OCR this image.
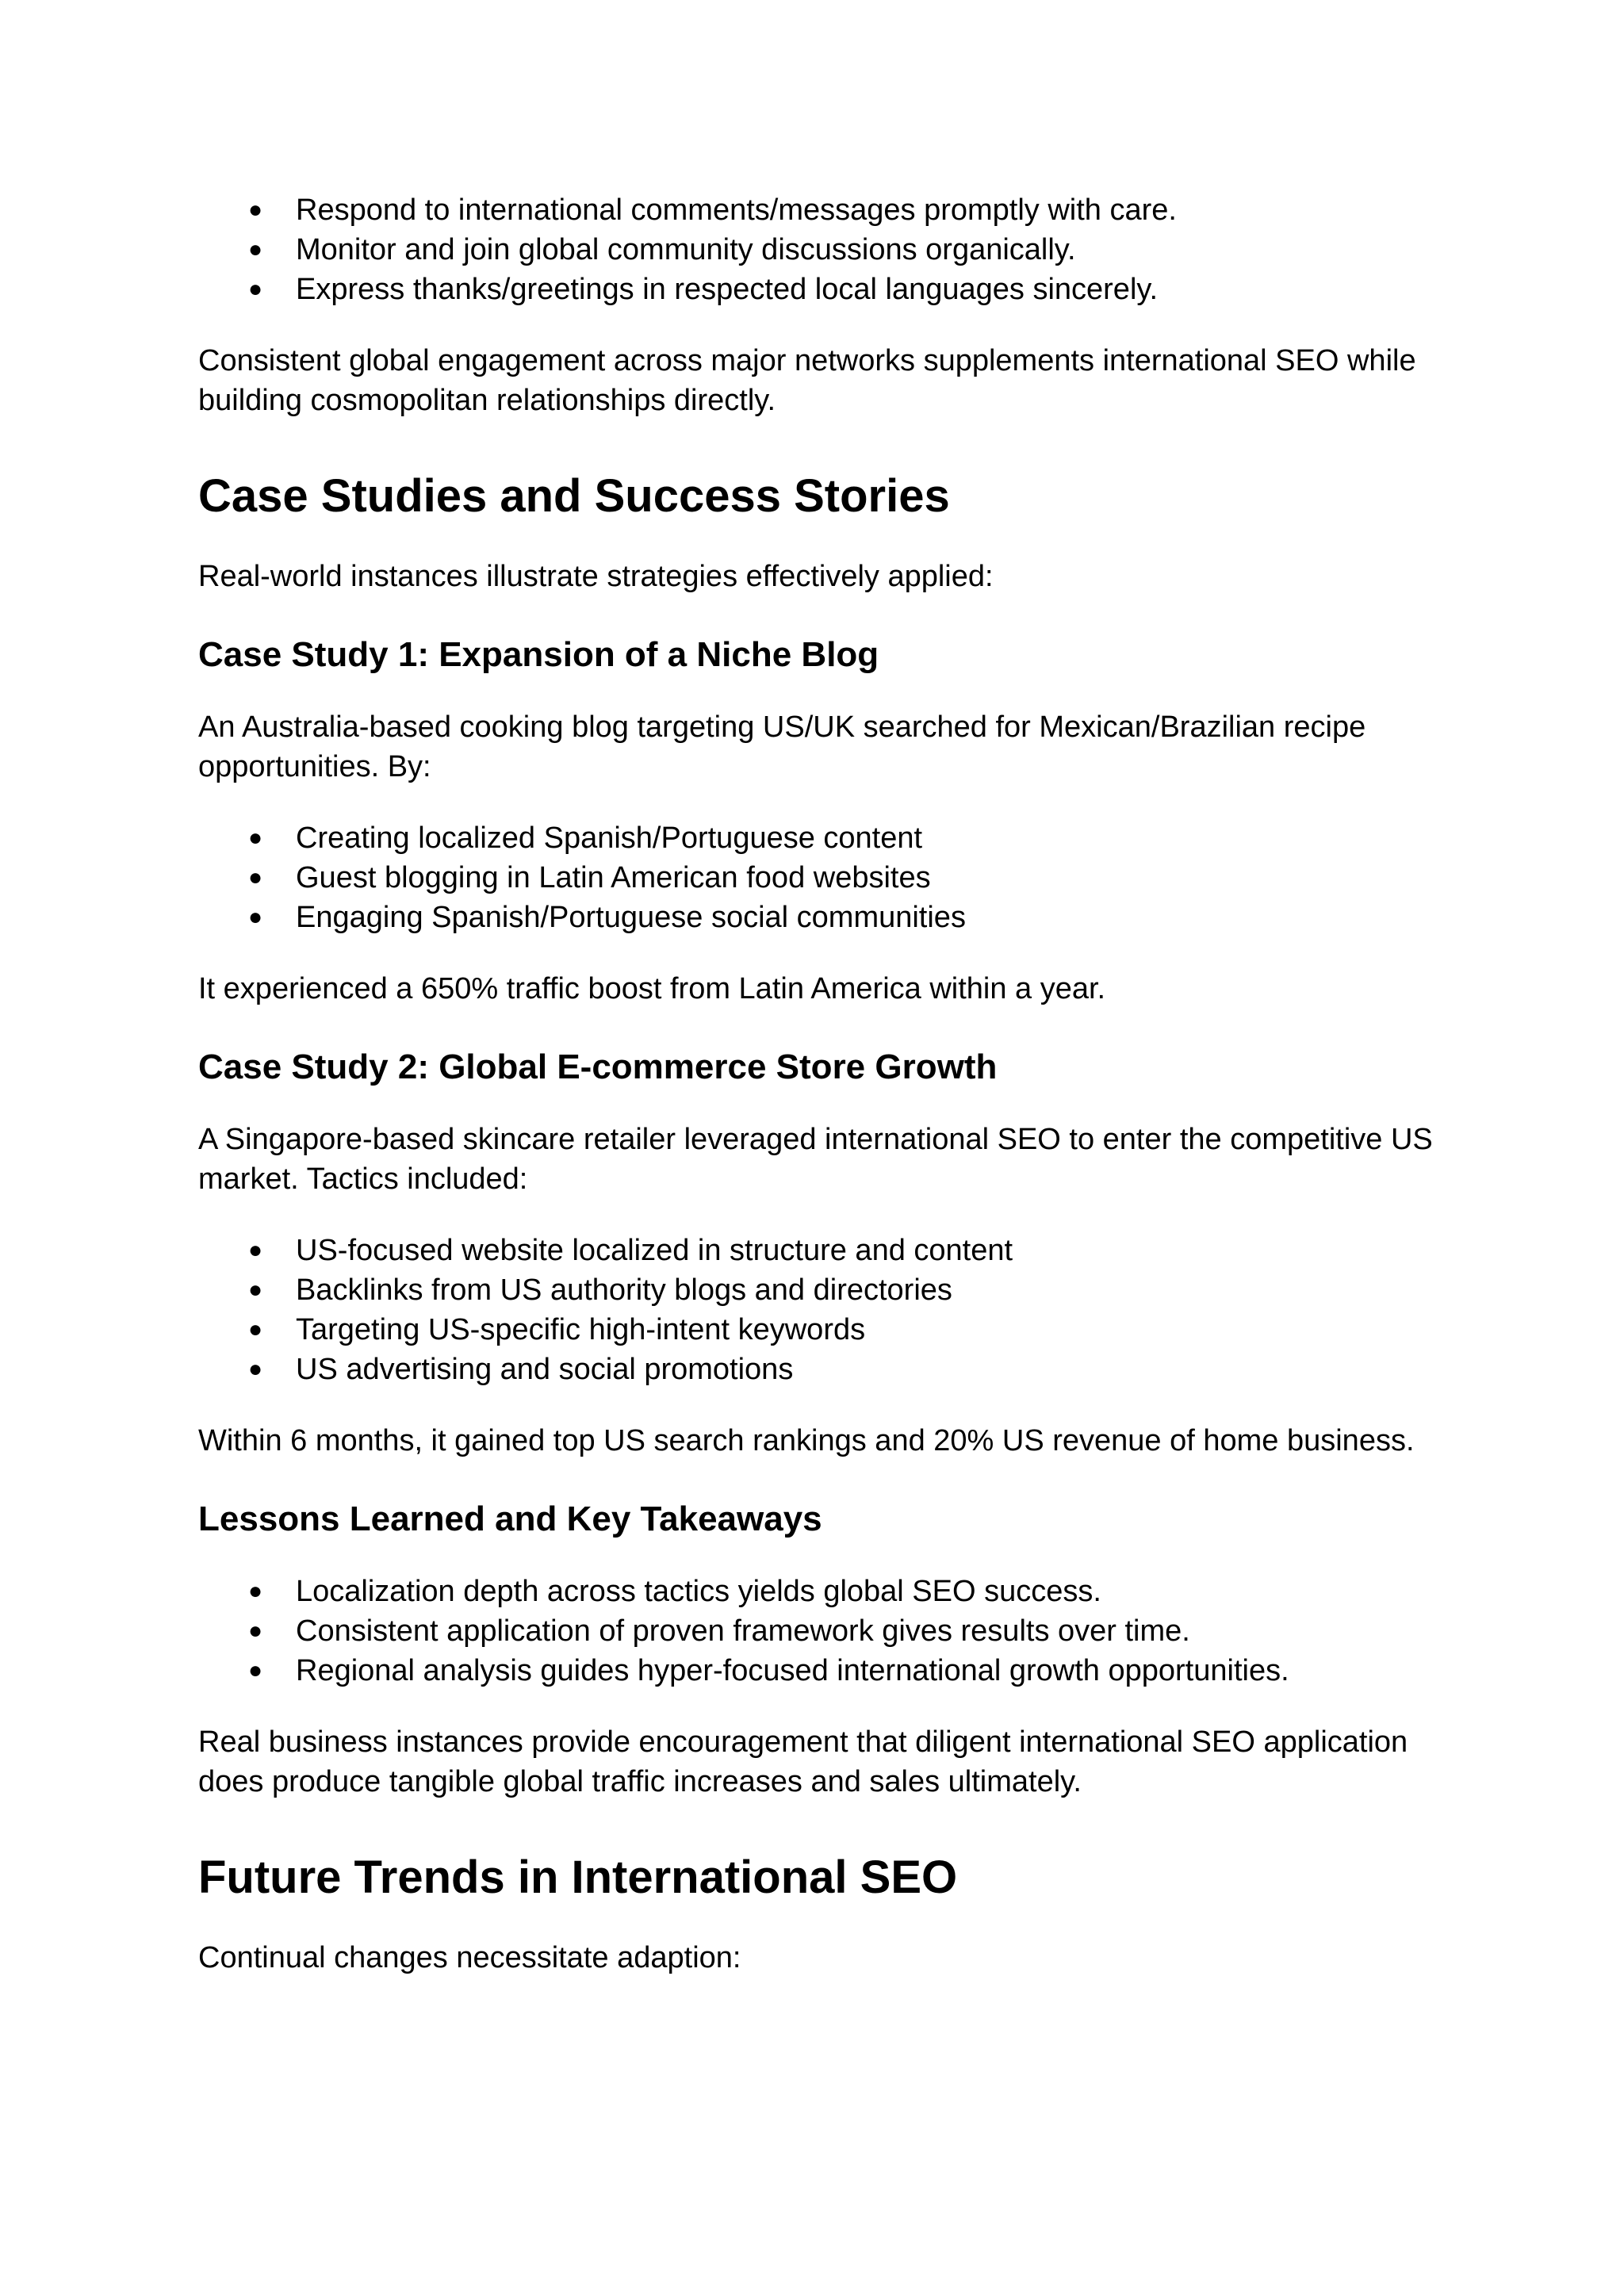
● Respond to international comments/messages promptly with care.
● Monitor and join global community discussions organically.
● Express thanks/greetings in respected local languages sincerely.

Consistent global engagement across major networks supplements international SEO while building cosmopolitan relationships directly.

Case Studies and Success Stories

Real-world instances illustrate strategies effectively applied:

Case Study 1: Expansion of a Niche Blog

An Australia-based cooking blog targeting US/UK searched for Mexican/Brazilian recipe opportunities. By:

● Creating localized Spanish/Portuguese content
● Guest blogging in Latin American food websites
● Engaging Spanish/Portuguese social communities

It experienced a 650% traffic boost from Latin America within a year.

Case Study 2: Global E-commerce Store Growth

A Singapore-based skincare retailer leveraged international SEO to enter the competitive US market. Tactics included:

● US-focused website localized in structure and content
● Backlinks from US authority blogs and directories
● Targeting US-specific high-intent keywords
● US advertising and social promotions

Within 6 months, it gained top US search rankings and 20% US revenue of home business.

Lessons Learned and Key Takeaways
● Localization depth across tactics yields global SEO success.
● Consistent application of proven framework gives results over time.
● Regional analysis guides hyper-focused international growth opportunities.

Real business instances provide encouragement that diligent international SEO application does produce tangible global traffic increases and sales ultimately.

Future Trends in International SEO

Continual changes necessitate adaption:
